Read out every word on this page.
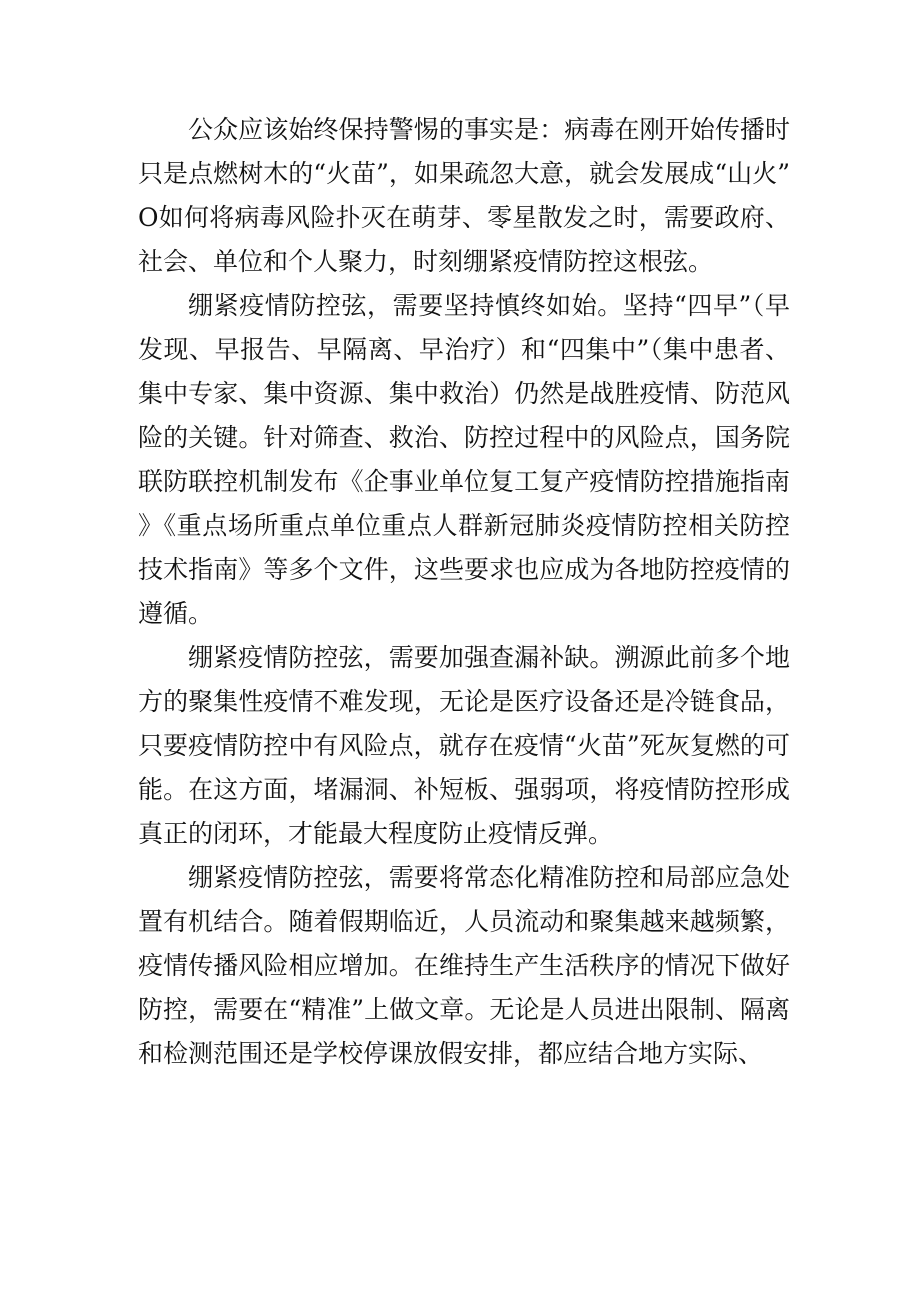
公众应该始终保持警惕的事实是：病毒在刚开始传播时只是点燃树木的“火苗”，如果疏忽大意，就会发展成“山火”O如何将病毒风险扑灭在萌芽、零星散发之时，需要政府、社会、单位和个人聚力，时刻绷紧疫情防控这根弦。

绷紧疫情防控弦，需要坚持慎终如始。坚持“四早”（早发现、早报告、早隔离、早治疗）和“四集中”（集中患者、集中专家、集中资源、集中救治）仍然是战胜疫情、防范风险的关键。针对筛查、救治、防控过程中的风险点，国务院联防联控机制发布《企事业单位复工复产疫情防控措施指南》《重点场所重点单位重点人群新冠肺炎疫情防控相关防控技术指南》等多个文件，这些要求也应成为各地防控疫情的遵循。

绷紧疫情防控弦，需要加强查漏补缺。溯源此前多个地方的聚集性疫情不难发现，无论是医疗设备还是冷链食品，只要疫情防控中有风险点，就存在疫情“火苗”死灰复燃的可能。在这方面，堵漏洞、补短板、强弱项，将疫情防控形成真正的闭环，才能最大程度防止疫情反弹。

绷紧疫情防控弦，需要将常态化精准防控和局部应急处置有机结合。随着假期临近，人员流动和聚集越来越频繁，疫情传播风险相应增加。在维持生产生活秩序的情况下做好防控，需要在“精准”上做文章。无论是人员进出限制、隔离和检测范围还是学校停课放假安排，都应结合地方实际、
